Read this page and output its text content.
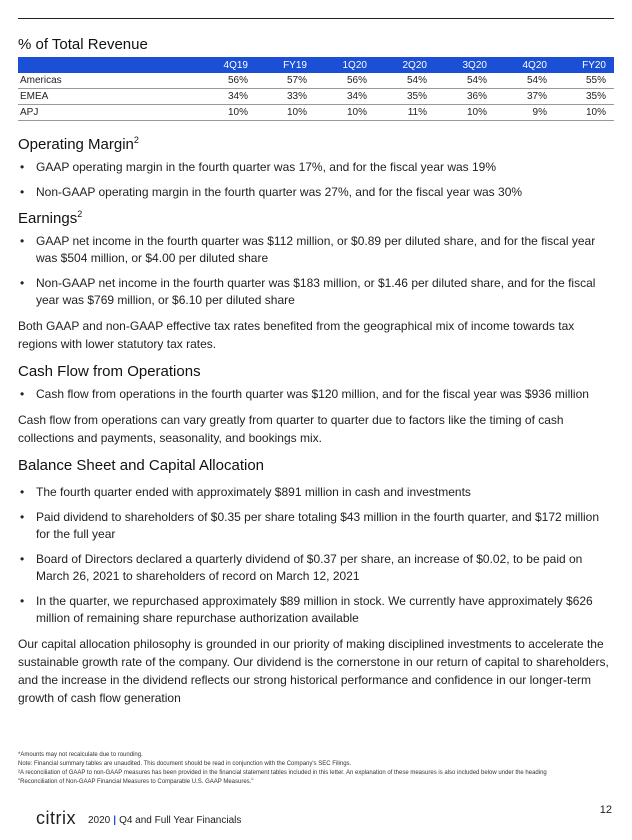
% of Total Revenue
	4Q19	FY19	1Q20	2Q20	3Q20	4Q20	FY20
Americas	56%	57%	56%	54%	54%	54%	55%
EMEA	34%	33%	34%	35%	36%	37%	35%
APJ	10%	10%	10%	11%	10%	9%	10%
Operating Margin$^2$
• GAAP operating margin in the fourth quarter was 17%, and for the fiscal year was 19%
• Non-GAAP operating margin in the fourth quarter was 27%, and for the fiscal year was 30%
Earnings$^2$
• GAAP net income in the fourth quarter was $112 million, or $0.89 per diluted share, and for the fiscal year was $504 million, or $4.00 per diluted share
• Non-GAAP net income in the fourth quarter was $183 million, or $1.46 per diluted share, and for the fiscal year was $769 million, or $6.10 per diluted share

Both GAAP and non-GAAP effective tax rates benefited from the geographical mix of income towards tax regions with lower statutory tax rates.

Cash Flow from Operations
• Cash flow from operations in the fourth quarter was $120 million, and for the fiscal year was $936 million

Cash flow from operations can vary greatly from quarter to quarter due to factors like the timing of cash collections and payments, seasonality, and bookings mix.

Balance Sheet and Capital Allocation
• The fourth quarter ended with approximately $891 million in cash and investments
• Paid dividend to shareholders of $0.35 per share totaling $43 million in the fourth quarter, and $172 million for the full year
• Board of Directors declared a quarterly dividend of $0.37 per share, an increase of $0.02, to be paid on March 26, 2021 to shareholders of record on March 12, 2021
• In the quarter, we repurchased approximately $89 million in stock. We currently have approximately $626 million of remaining share repurchase authorization available

Our capital allocation philosophy is grounded in our priority of making disciplined investments to accelerate the sustainable growth rate of the company. Our dividend is the cornerstone in our return of capital to shareholders, and the increase in the dividend reflects our strong historical performance and confidence in our longer-term growth of cash flow generation

*Amounts may not recalculate due to rounding.
Note: Financial summary tables are unaudited. This document should be read in conjunction with the Company's SEC Filings.
²A reconciliation of GAAP to non-GAAP measures has been provided in the financial statement tables included in this letter. An explanation of these measures is also included below under the heading
"Reconciliation of Non-GAAP Financial Measures to Comparable U.S. GAAP Measures."
citrix 2020 | Q4 and Full Year Financials
12
